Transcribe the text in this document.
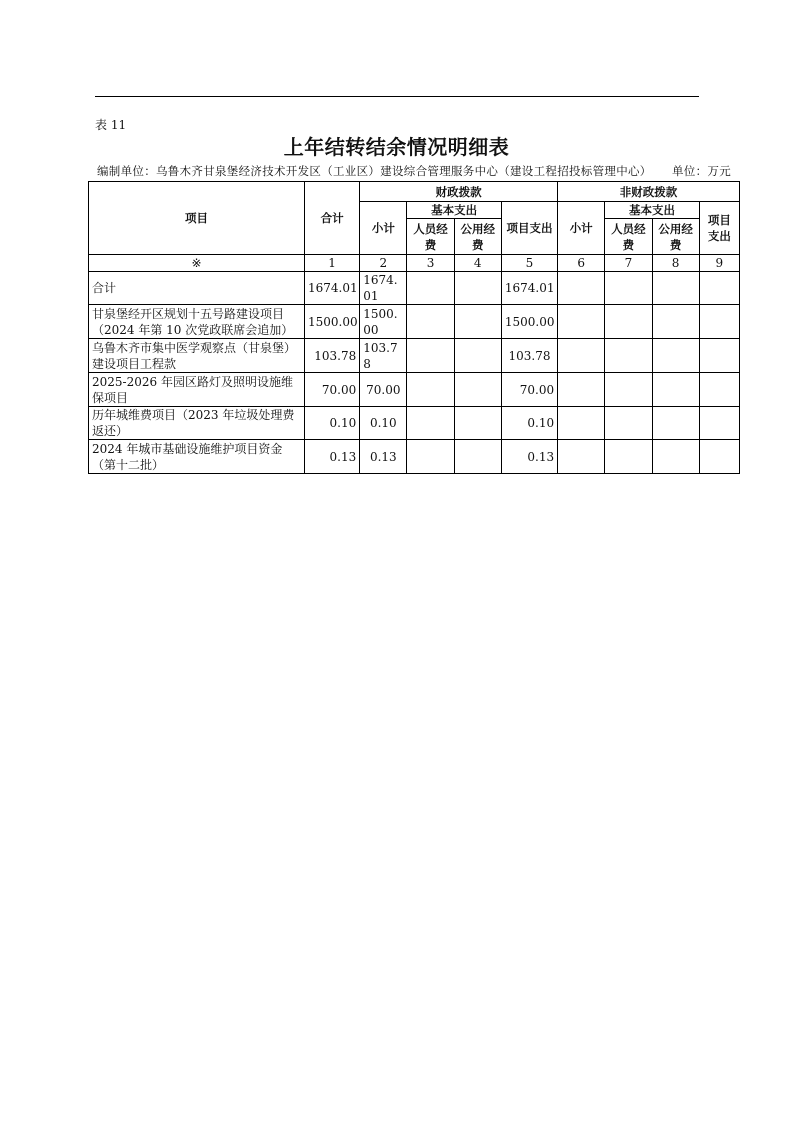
表 11
上年结转结余情况明细表
编制单位：乌鲁木齐甘泉堡经济技术开发区（工业区）建设综合管理服务中心（建设工程招投标管理中心） 单位：万元
项目	合计	财政拨款				非财政拨款			
		小计	基本支出		项目支出	小计	基本支出		项目支出
			人员经费	公用经费			人员经费	公用经费	
※	1	2	3	4	5	6	7	8	9
合计	1674.01	1674.01			1674.01				
甘泉堡经开区规划十五号路建设项目（2024 年第 10 次党政联席会追加）	1500.00	1500.00			1500.00				
乌鲁木齐市集中医学观察点（甘泉堡）建设项目工程款	103.78	103.78			103.78				
2025-2026 年园区路灯及照明设施维保项目	70.00	70.00			70.00				
历年城维费项目（2023 年垃圾处理费返还）	0.10	0.10			0.10				
2024 年城市基础设施维护项目资金（第十二批）	0.13	0.13			0.13				
